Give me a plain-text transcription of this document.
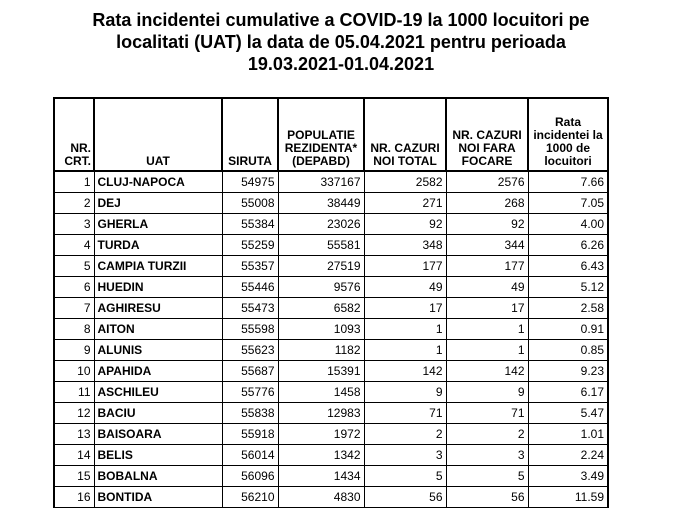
Rata incidentei cumulative a COVID-19 la 1000 locuitori pe
localitati (UAT) la data de 05.04.2021 pentru perioada
19.03.2021-01.04.2021
NR. CRT.	UAT	SIRUTA	POPULATIE REZIDENTA* (DEPABD)	NR. CAZURI NOI TOTAL	NR. CAZURI NOI FARA FOCARE	Rata incidentei la 1000 de locuitori
1	CLUJ-NAPOCA	54975	337167	2582	2576	7.66
2	DEJ	55008	38449	271	268	7.05
3	GHERLA	55384	23026	92	92	4.00
4	TURDA	55259	55581	348	344	6.26
5	CAMPIA TURZII	55357	27519	177	177	6.43
6	HUEDIN	55446	9576	49	49	5.12
7	AGHIRESU	55473	6582	17	17	2.58
8	AITON	55598	1093	1	1	0.91
9	ALUNIS	55623	1182	1	1	0.85
10	APAHIDA	55687	15391	142	142	9.23
11	ASCHILEU	55776	1458	9	9	6.17
12	BACIU	55838	12983	71	71	5.47
13	BAISOARA	55918	1972	2	2	1.01
14	BELIS	56014	1342	3	3	2.24
15	BOBALNA	56096	1434	5	5	3.49
16	BONTIDA	56210	4830	56	56	11.59
